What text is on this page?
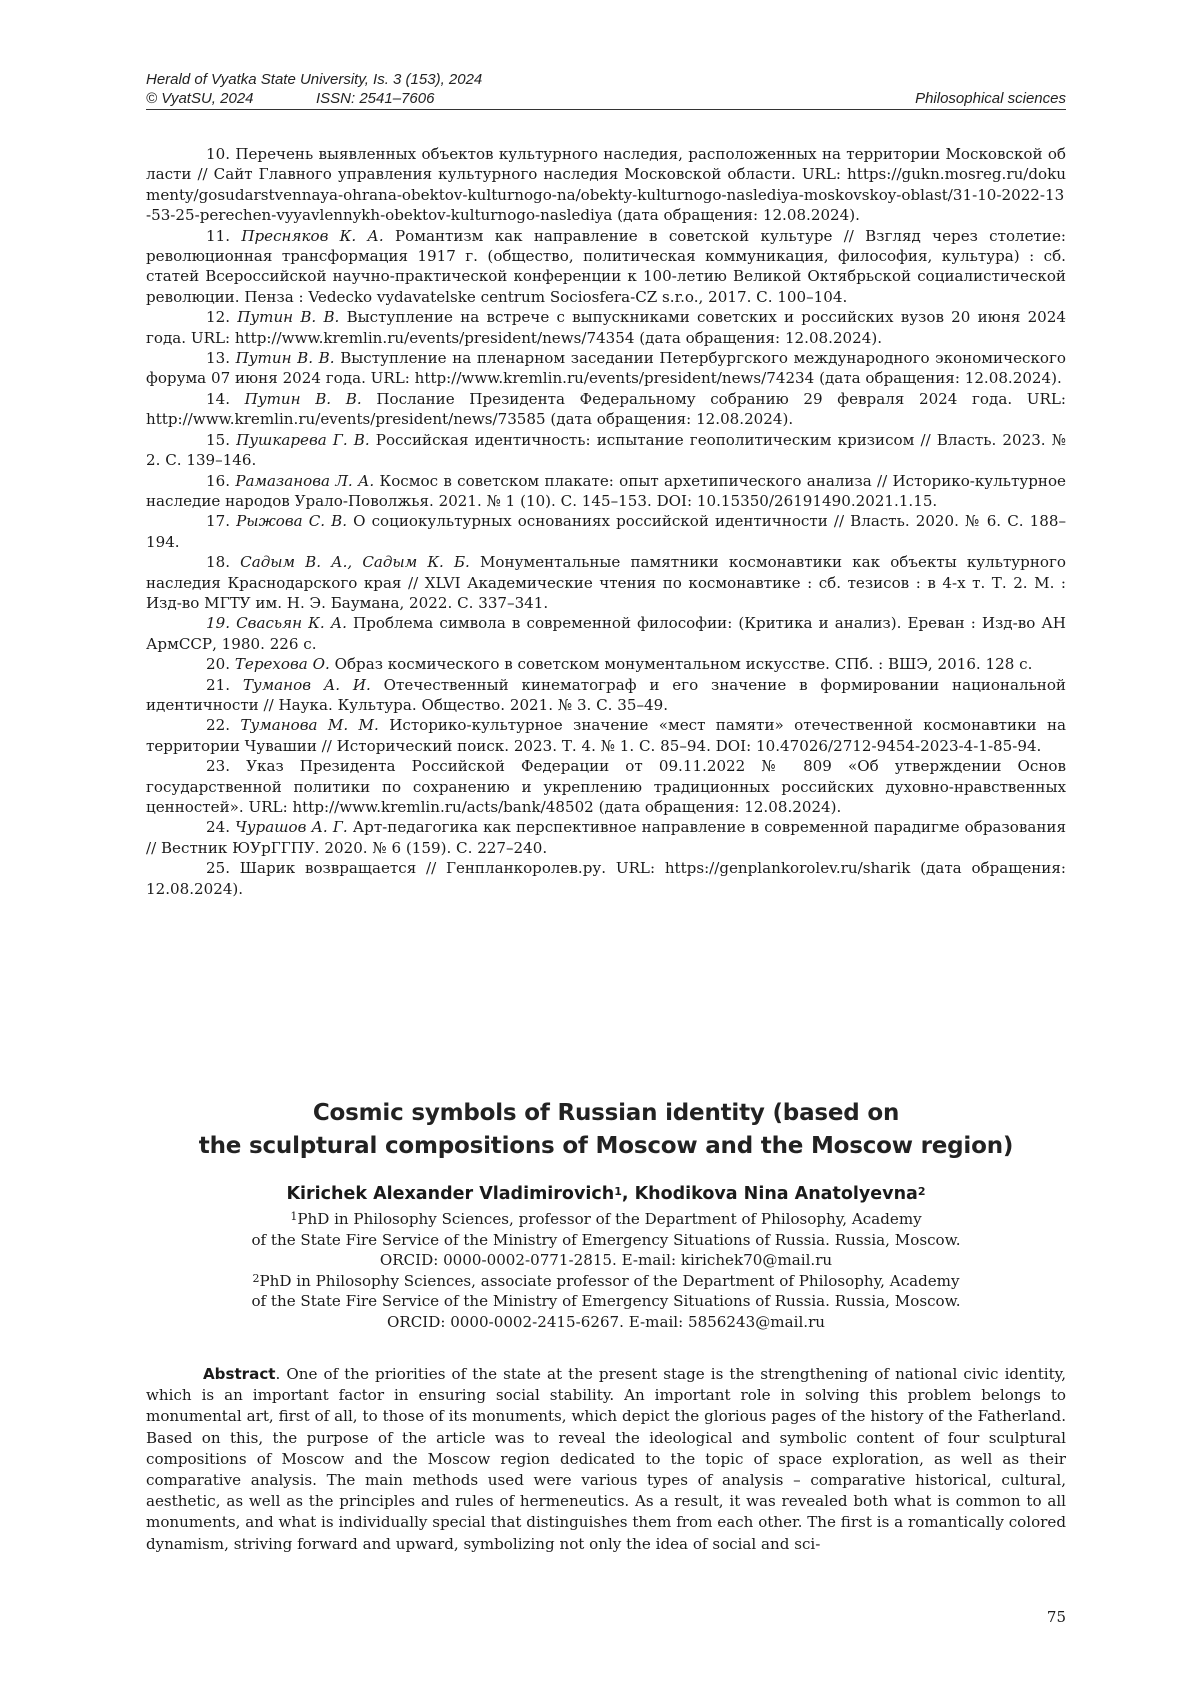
Herald of Vyatka State University, Is. 3 (153), 2024
© VyatSU, 2024	ISSN: 2541–7606	Philosophical sciences

10. Перечень выявленных объектов культурного наследия, расположенных на территории Московской области // Сайт Главного управления культурного наследия Московской области. URL: https://gukn.mosreg.ru/dokumenty/gosudarstvennaya-ohrana-obektov-kulturnogo-na/obekty-kulturnogo-naslediya-moskovskoy-oblast/31-10-2022-13-53-25-perechen-vyyavlennykh-obektov-kulturnogo-naslediya (дата обращения: 12.08.2024).

11. Пресняков К. А. Романтизм как направление в советской культуре // Взгляд через столетие: революционная трансформация 1917 г. (общество, политическая коммуникация, философия, культура) : сб. статей Всероссийской научно-практической конференции к 100-летию Великой Октябрьской социалистической революции. Пенза : Vedecko vydavatelske centrum Sociosfera-CZ s.r.o., 2017. С. 100–104.

12. Путин В. В. Выступление на встрече с выпускниками советских и российских вузов 20 июня 2024 года. URL: http://www.kremlin.ru/events/president/news/74354 (дата обращения: 12.08.2024).

13. Путин В. В. Выступление на пленарном заседании Петербургского международного экономического форума 07 июня 2024 года. URL: http://www.kremlin.ru/events/president/news/74234 (дата обращения: 12.08.2024).

14. Путин В. В. Послание Президента Федеральному собранию 29 февраля 2024 года. URL: http://www.kremlin.ru/events/president/news/73585 (дата обращения: 12.08.2024).

15. Пушкарева Г. В. Российская идентичность: испытание геополитическим кризисом // Власть. 2023. № 2. С. 139–146.

16. Рамазанова Л. А. Космос в советском плакате: опыт архетипического анализа // Историко-культурное наследие народов Урало-Поволжья. 2021. № 1 (10). С. 145–153. DOI: 10.15350/26191490.2021.1.15.

17. Рыжова С. В. О социокультурных основаниях российской идентичности // Власть. 2020. № 6. С. 188–194.

18. Садым В. А., Садым К. Б. Монументальные памятники космонавтики как объекты культурного наследия Краснодарского края // XLVI Академические чтения по космонавтике : сб. тезисов : в 4-х т. Т. 2. М. : Изд-во МГТУ им. Н. Э. Баумана, 2022. С. 337–341.

19. Свасьян К. А. Проблема символа в современной философии: (Критика и анализ). Ереван : Изд-во АН АрмССР, 1980. 226 с.

20. Терехова О. Образ космического в советском монументальном искусстве. СПб. : ВШЭ, 2016. 128 с.

21. Туманов А. И. Отечественный кинематограф и его значение в формировании национальной идентичности // Наука. Культура. Общество. 2021. № 3. С. 35–49.

22. Туманова М. М. Историко-культурное значение «мест памяти» отечественной космонавтики на территории Чувашии // Исторический поиск. 2023. Т. 4. № 1. С. 85–94. DOI: 10.47026/2712-9454-2023-4-1-85-94.

23. Указ Президента Российской Федерации от 09.11.2022 № 809 «Об утверждении Основ государственной политики по сохранению и укреплению традиционных российских духовно-нравственных ценностей». URL: http://www.kremlin.ru/acts/bank/48502 (дата обращения: 12.08.2024).

24. Чурашов А. Г. Арт-педагогика как перспективное направление в современной парадигме образования // Вестник ЮУрГГПУ. 2020. № 6 (159). С. 227–240.

25. Шарик возвращается // Генпланкоролев.ру. URL: https://genplankorolev.ru/sharik (дата обращения: 12.08.2024).

Cosmic symbols of Russian identity (based on
the sculptural compositions of Moscow and the Moscow region)
Kirichek Alexander Vladimirovich$^1$, Khodikova Nina Anatolyevna$^2$

$^1$PhD in Philosophy Sciences, professor of the Department of Philosophy, Academy

of the State Fire Service of the Ministry of Emergency Situations of Russia. Russia, Moscow.

ORCID: 0000-0002-0771-2815. E-mail: kirichek70@mail.ru

$^2$PhD in Philosophy Sciences, associate professor of the Department of Philosophy, Academy

of the State Fire Service of the Ministry of Emergency Situations of Russia. Russia, Moscow.

ORCID: 0000-0002-2415-6267. E-mail: 5856243@mail.ru

Abstract. One of the priorities of the state at the present stage is the strengthening of national civic identity, which is an important factor in ensuring social stability. An important role in solving this problem belongs to monumental art, first of all, to those of its monuments, which depict the glorious pages of the history of the Fatherland. Based on this, the purpose of the article was to reveal the ideological and symbolic content of four sculptural compositions of Moscow and the Moscow region dedicated to the topic of space exploration, as well as their comparative analysis. The main methods used were various types of analysis – comparative historical, cultural, aesthetic, as well as the principles and rules of hermeneutics. As a result, it was revealed both what is common to all monuments, and what is individually special that distinguishes them from each other. The first is a romantically colored dynamism, striving forward and upward, symbolizing not only the idea of social and sci-

75
